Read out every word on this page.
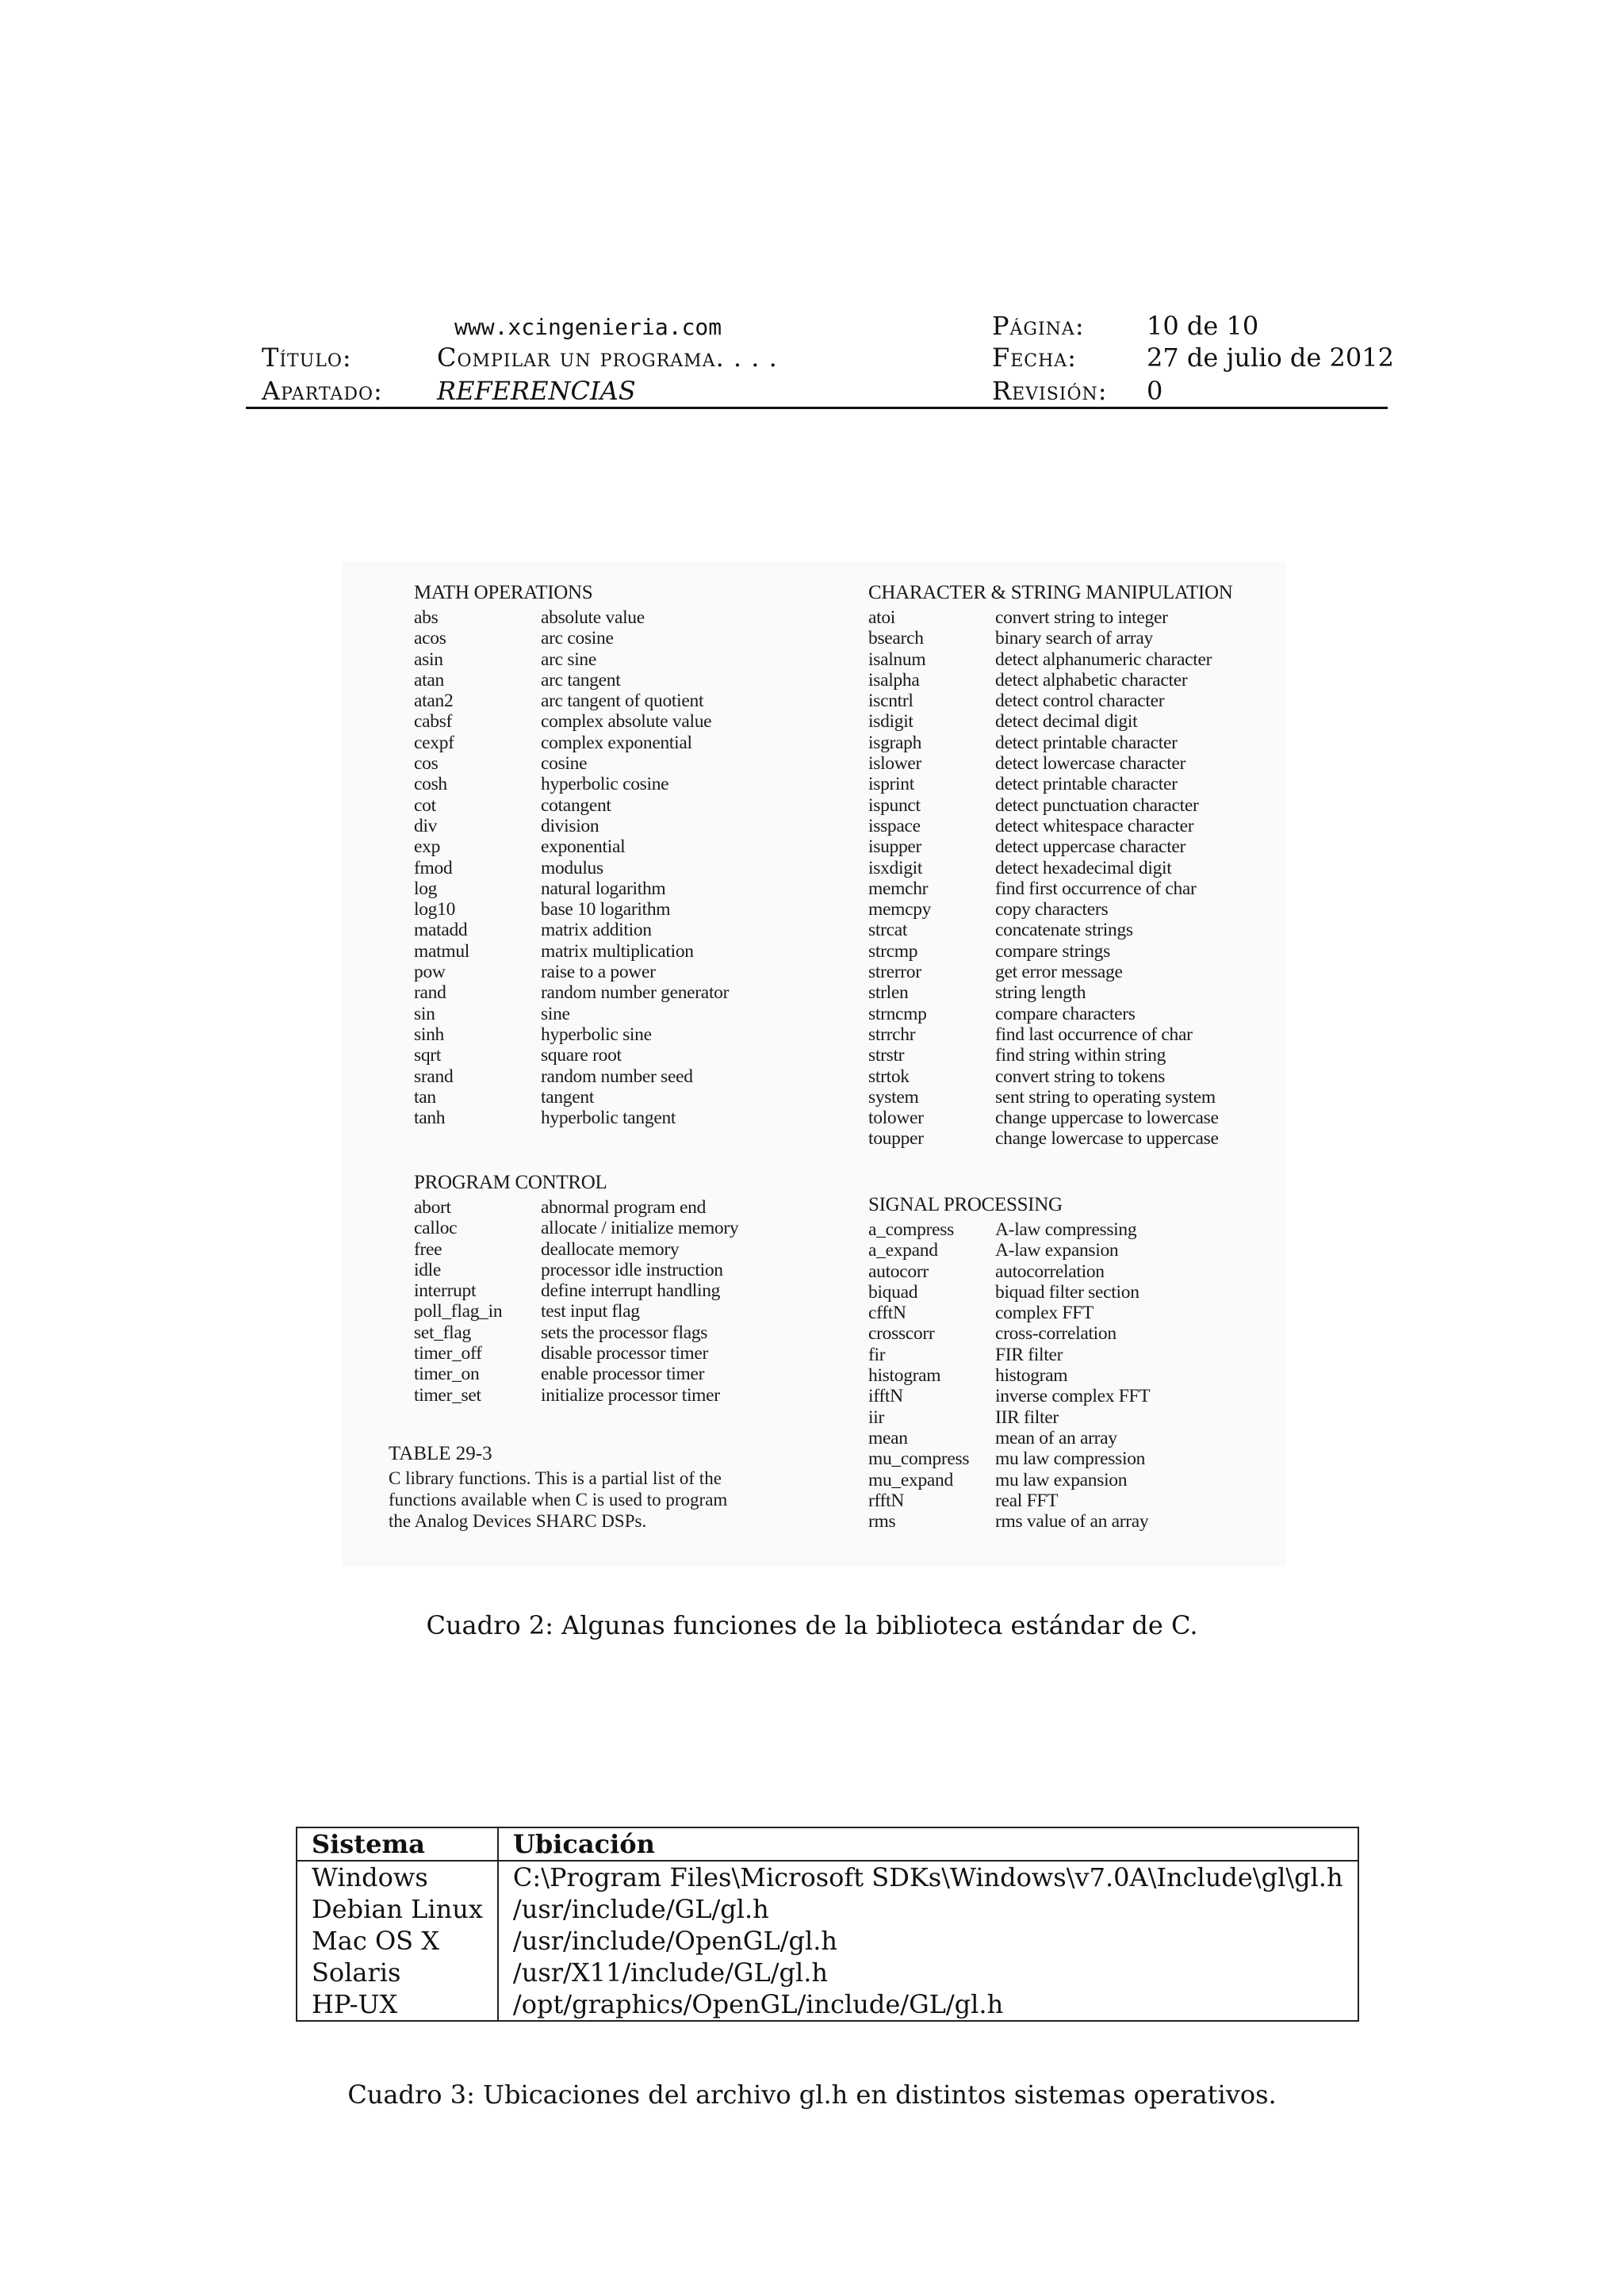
www.xcingenieria.com
Título:	Compilar un programa. . . .
Apartado: REFERENCIAS
Página: 10 de 10
Fecha:	27 de julio de 2012
Revisión: 0
MATH OPERATIONS
abs	absolute value
acos	arc cosine
asin	arc sine
atan	arc tangent
atan2	arc tangent of quotient
cabsf	complex absolute value
cexpf	complex exponential
cos	cosine
cosh	hyperbolic cosine
cot	cotangent
div	division
exp	exponential
fmod	modulus
log	natural logarithm
log10	base 10 logarithm
matadd	matrix addition
matmul	matrix multiplication
pow	raise to a power
rand	random number generator
sin	sine
sinh	hyperbolic sine
sqrt	square root
srand	random number seed
tan	tangent
tanh	hyperbolic tangent
CHARACTER & STRING MANIPULATION
atoi	convert string to integer
bsearch	binary search of array
isalnum	detect alphanumeric character
isalpha	detect alphabetic character
iscntrl	detect control character
isdigit	detect decimal digit
isgraph	detect printable character
islower	detect lowercase character
isprint	detect printable character
ispunct	detect punctuation character
isspace	detect whitespace character
isupper	detect uppercase character
isxdigit	detect hexadecimal digit
memchr	find first occurrence of char
memcpy	copy characters
strcat	concatenate strings
strcmp	compare strings
strerror	get error message
strlen	string length
strncmp	compare characters
strrchr	find last occurrence of char
strstr	find string within string
strtok	convert string to tokens
system	sent string to operating system
tolower	change uppercase to lowercase
toupper	change lowercase to uppercase
PROGRAM CONTROL
abort	abnormal program end
calloc	allocate / initialize memory
free	deallocate memory
idle	processor idle instruction
interrupt	define interrupt handling
poll_flag_in	test input flag
set_flag	sets the processor flags
timer_off	disable processor timer
timer_on	enable processor timer
timer_set	initialize processor timer
SIGNAL PROCESSING
a_compress	A-law compressing
a_expand	A-law expansion
autocorr	autocorrelation
biquad	biquad filter section
cfftN	complex FFT
crosscorr	cross-correlation
fir	FIR filter
histogram	histogram
ifftN	inverse complex FFT
iir	IIR filter
mean	mean of an array
mu_compress	mu law compression
mu_expand	mu law expansion
rfftN	real FFT
rms	rms value of an array
TABLE 29-3
C library functions. This is a partial list of the
functions available when C is used to program
the Analog Devices SHARC DSPs.
Cuadro 2: Algunas funciones de la biblioteca estándar de C.
Sistema	Ubicación
Windows	C:\Program Files\Microsoft SDKs\Windows\v7.0A\Include\gl\gl.h
Debian Linux	/usr/include/GL/gl.h
Mac OS X	/usr/include/OpenGL/gl.h
Solaris	/usr/X11/include/GL/gl.h
HP-UX	/opt/graphics/OpenGL/include/GL/gl.h
Cuadro 3: Ubicaciones del archivo gl.h en distintos sistemas operativos.
